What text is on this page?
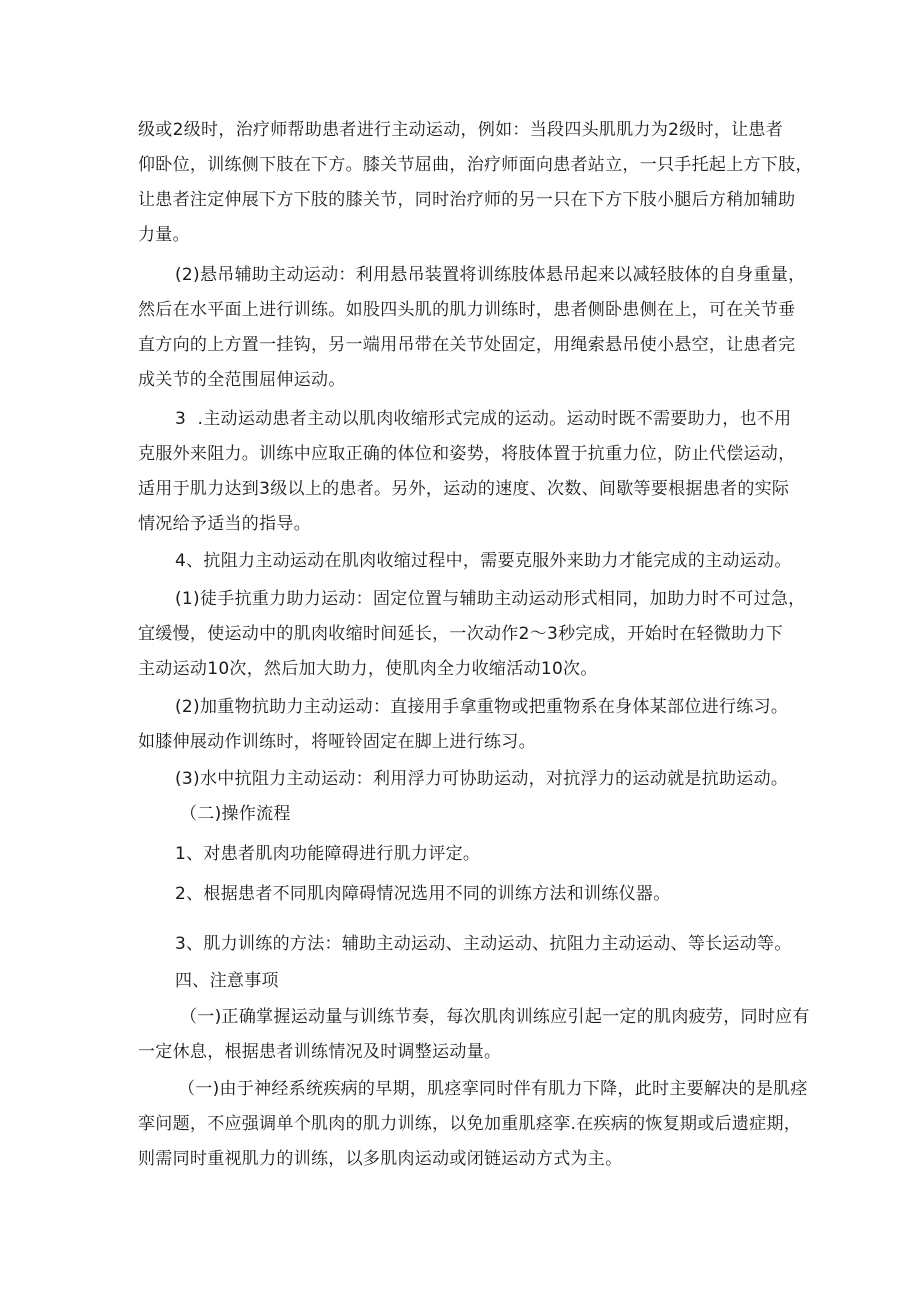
级或2级时，治疗师帮助患者进行主动运动，例如：当段四头肌肌力为2级时，让患者
仰卧位，训练侧下肢在下方。膝关节屈曲，治疗师面向患者站立，一只手托起上方下肢，
让患者注定伸展下方下肢的膝关节，同时治疗师的另一只在下方下肢小腿后方稍加辅助
力量。
(2)悬吊辅助主动运动：利用悬吊装置将训练肢体悬吊起来以减轻肢体的自身重量，
然后在水平面上进行训练。如股四头肌的肌力训练时，患者侧卧患侧在上，可在关节垂
直方向的上方置一挂钩，另一端用吊带在关节处固定，用绳索悬吊使小悬空，让患者完
成关节的全范围屈伸运动。
3  .主动运动患者主动以肌肉收缩形式完成的运动。运动时既不需要助力，也不用
克服外来阻力。训练中应取正确的体位和姿势，将肢体置于抗重力位，防止代偿运动，
适用于肌力达到3级以上的患者。另外，运动的速度、次数、间歇等要根据患者的实际
情况给予适当的指导。
4、抗阻力主动运动在肌肉收缩过程中，需要克服外来助力才能完成的主动运动。
(1)徒手抗重力助力运动：固定位置与辅助主动运动形式相同，加助力时不可过急，
宜缓慢，使运动中的肌肉收缩时间延长，一次动作2～3秒完成，开始时在轻微助力下
主动运动10次，然后加大助力，使肌肉全力收缩活动10次。
(2)加重物抗助力主动运动：直接用手拿重物或把重物系在身体某部位进行练习。
如膝伸展动作训练时，将哑铃固定在脚上进行练习。
(3)水中抗阻力主动运动：利用浮力可协助运动，对抗浮力的运动就是抗助运动。
（二)操作流程
1、对患者肌肉功能障碍进行肌力评定。
2、根据患者不同肌肉障碍情况选用不同的训练方法和训练仪器。
3、肌力训练的方法：辅助主动运动、主动运动、抗阻力主动运动、等长运动等。
四、注意事项
（一)正确掌握运动量与训练节奏，每次肌肉训练应引起一定的肌肉疲劳，同时应有
一定休息，根据患者训练情况及时调整运动量。
（一)由于神经系统疾病的早期，肌痉挛同时伴有肌力下降，此时主要解决的是肌痉
挛问题，不应强调单个肌肉的肌力训练，以免加重肌痉挛.在疾病的恢复期或后遗症期，
则需同时重视肌力的训练，以多肌肉运动或闭链运动方式为主。
